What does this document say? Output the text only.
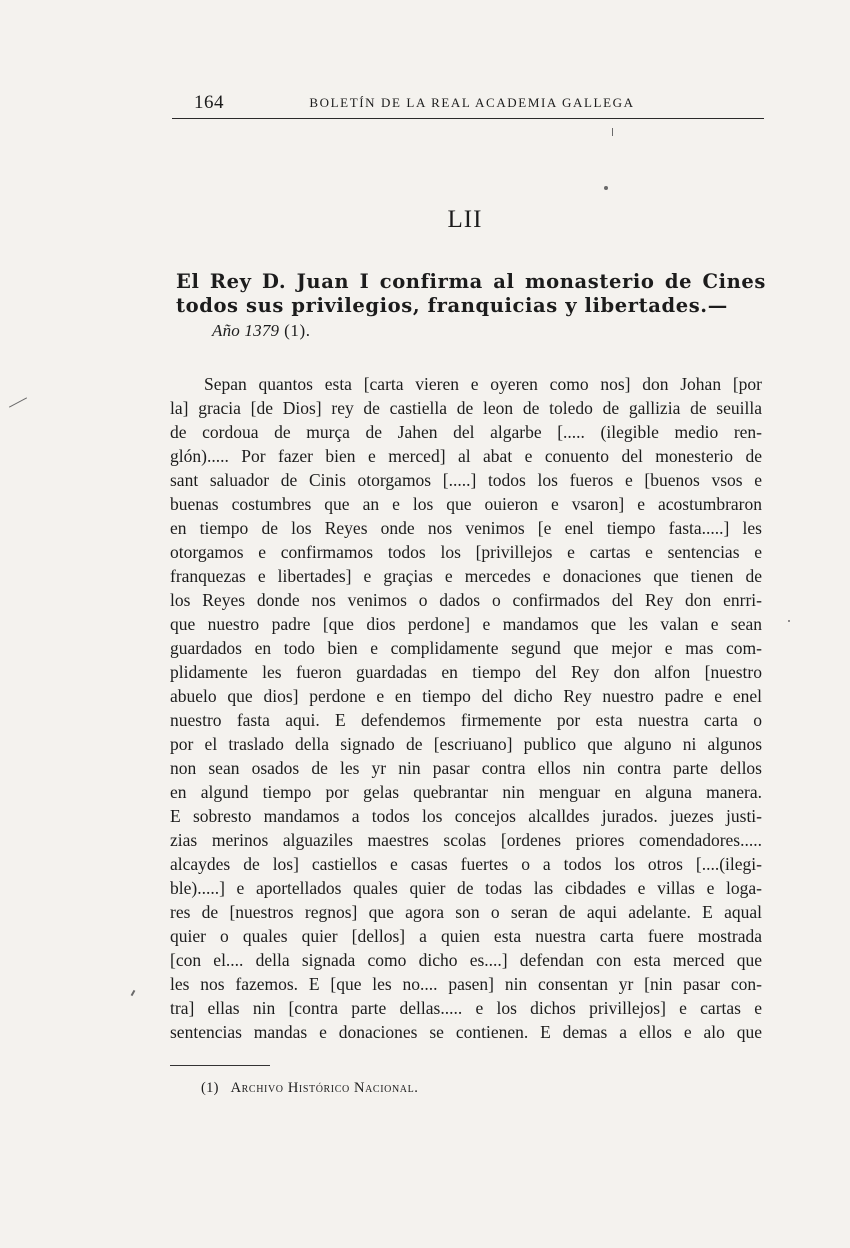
164	BOLETÍN DE LA REAL ACADEMIA GALLEGA
LII
El Rey D. Juan I confirma al monasterio de Cines todos sus privilegios, franquicias y libertades.—
Año 1379 (1).
Sepan quantos esta [carta vieren e oyeren como nos] don Johan [por
la] gracia [de Dios] rey de castiella de leon de toledo de gallizia de seuilla
de cordoua de murça de Jahen del algarbe [..... (ilegible medio ren-
glón)..... Por fazer bien e merced] al abat e conuento del monesterio de
sant saluador de Cinis otorgamos [.....] todos los fueros e [buenos vsos e
buenas costumbres que an e los que ouieron e vsaron] e acostumbraron
en tiempo de los Reyes onde nos venimos [e enel tiempo fasta.....] les
otorgamos e confirmamos todos los [privillejos e cartas e sentencias e
franquezas e libertades] e graçias e mercedes e donaciones que tienen de
los Reyes donde nos venimos o dados o confirmados del Rey don enrri-
que nuestro padre [que dios perdone] e mandamos que les valan e sean
guardados en todo bien e complidamente segund que mejor e mas com-
plidamente les fueron guardadas en tiempo del Rey don alfon [nuestro
abuelo que dios] perdone e en tiempo del dicho Rey nuestro padre e enel
nuestro fasta aqui. E defendemos firmemente por esta nuestra carta o
por el traslado della signado de [escriuano] publico que alguno ni algunos
non sean osados de les yr nin pasar contra ellos nin contra parte dellos
en algund tiempo por gelas quebrantar nin menguar en alguna manera.
E sobresto mandamos a todos los concejos alcalldes jurados. juezes justi-
zias merinos alguaziles maestres scolas [ordenes priores comendadores.....
alcaydes de los] castiellos e casas fuertes o a todos los otros [....(ilegi-
ble).....] e aportellados quales quier de todas las cibdades e villas e loga-
res de [nuestros regnos] que agora son o seran de aqui adelante. E aqual
quier o quales quier [dellos] a quien esta nuestra carta fuere mostrada
[con el.... della signada como dicho es....] defendan con esta merced que
les nos fazemos. E [que les no.... pasen] nin consentan yr [nin pasar con-
tra] ellas nin [contra parte dellas..... e los dichos privillejos] e cartas e
sentencias mandas e donaciones se contienen. E demas a ellos e alo que
(1) Archivo Histórico Nacional.
